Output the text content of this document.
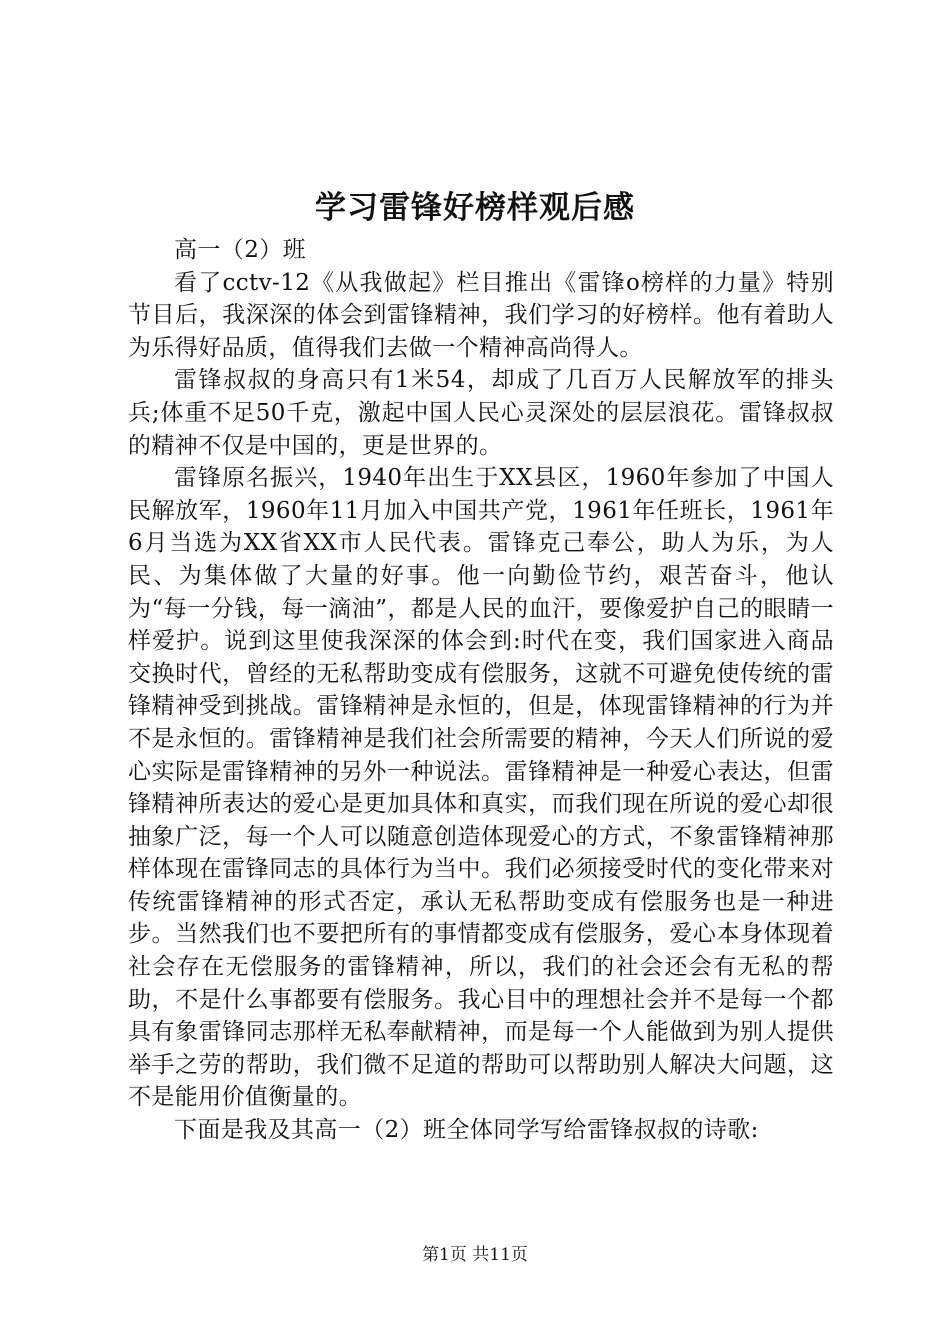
学习雷锋好榜样观后感

高一（2）班

看了cctv-12《从我做起》栏目推出《雷锋o榜样的力量》特别节目后，我深深的体会到雷锋精神，我们学习的好榜样。他有着助人为乐得好品质，值得我们去做一个精神高尚得人。

雷锋叔叔的身高只有1米54，却成了几百万人民解放军的排头兵;体重不足50千克，激起中国人民心灵深处的层层浪花。雷锋叔叔的精神不仅是中国的，更是世界的。

雷锋原名振兴，1940年出生于XX县区，1960年参加了中国人民解放军，1960年11月加入中国共产党，1961年任班长，1961年6月当选为XX省XX市人民代表。雷锋克己奉公，助人为乐，为人民、为集体做了大量的好事。他一向勤俭节约，艰苦奋斗，他认为“每一分钱，每一滴油”，都是人民的血汗，要像爱护自己的眼睛一样爱护。说到这里使我深深的体会到:时代在变，我们国家进入商品交换时代，曾经的无私帮助变成有偿服务，这就不可避免使传统的雷锋精神受到挑战。雷锋精神是永恒的，但是，体现雷锋精神的行为并不是永恒的。雷锋精神是我们社会所需要的精神，今天人们所说的爱心实际是雷锋精神的另外一种说法。雷锋精神是一种爱心表达，但雷锋精神所表达的爱心是更加具体和真实，而我们现在所说的爱心却很抽象广泛，每一个人可以随意创造体现爱心的方式，不象雷锋精神那样体现在雷锋同志的具体行为当中。我们必须接受时代的变化带来对传统雷锋精神的形式否定，承认无私帮助变成有偿服务也是一种进步。当然我们也不要把所有的事情都变成有偿服务，爱心本身体现着社会存在无偿服务的雷锋精神，所以，我们的社会还会有无私的帮助，不是什么事都要有偿服务。我心目中的理想社会并不是每一个都具有象雷锋同志那样无私奉献精神，而是每一个人能做到为别人提供举手之劳的帮助，我们微不足道的帮助可以帮助别人解决大问题，这不是能用价值衡量的。

下面是我及其高一（2）班全体同学写给雷锋叔叔的诗歌:

第1页 共11页
